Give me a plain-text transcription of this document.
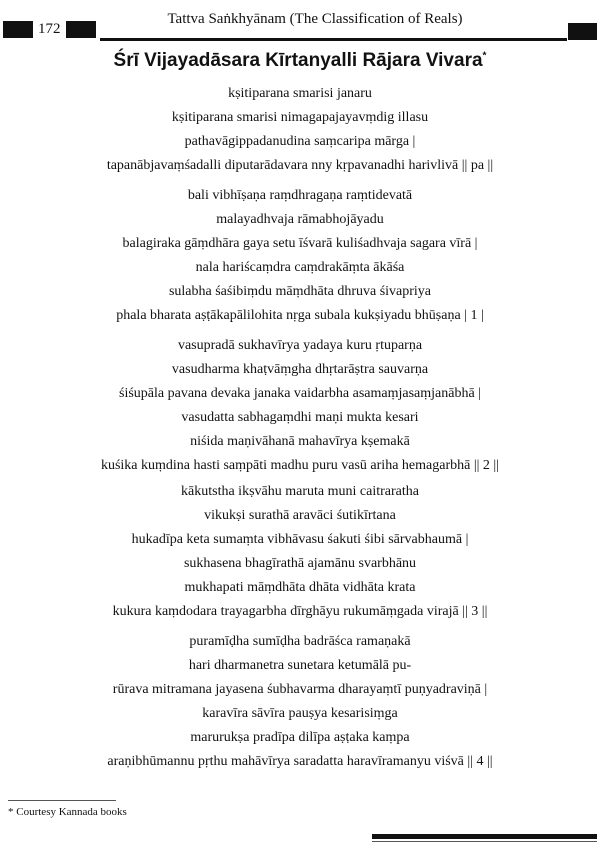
172
Tattva Saṅkhyānam (The Classification of Reals)
Śrī Vijayadāsara Kīrtanyalli Rājara Vivara*
kṣitiparana smarisi janaru
kṣitiparana smarisi nimagapajayavṃdig illasu
pathavāgippadanudina saṃcaripa mārga |
tapanābjavaṃśadalli diputarādavara nny kṛpavanadhi harivlivā || pa ||
bali vibhīṣaṇa raṃdhragaṇa raṃtidevatā
malayadhvaja rāmabhojāyadu
balagiraka gāṃdhāra gaya setu īśvarā kuliśadhvaja sagara vīrā |
nala hariścaṃdra caṃdrakāṃta ākāśa
sulabha śaśibiṃdu māṃdhāta dhruva śivapriya
phala bharata aṣṭākapālilohita nṛga subala kukṣiyadu bhūṣaṇa | 1 |
vasupradā sukhavīrya yadaya kuru ṛtuparṇa
vasudharma khaṭvāṃgha dhṛtarāṣtra sauvarṇa
śiśupāla pavana devaka janaka vaidarbha asamaṃjasaṃjanābhā |
vasudatta sabhagaṃdhi maṇi mukta kesari
niśida maṇivāhanā mahavīrya kṣemakā
kuśika kuṃdina hasti saṃpāti madhu puru vasū ariha hemagarbhā || 2 ||
kākutstha ikṣvāhu maruta muni caitraratha
vikukṣi surathā aravāci śutikīrtana
hukadīpa keta sumaṃta vibhāvasu śakuti śibi sārvabhaumā |
sukhasena bhagīrathā ajamānu svarbhānu
mukhapati māṃdhāta dhāta vidhāta krata
kukura kaṃdodara trayagarbha dīrghāyu rukumāṃgada virajā || 3 ||
puramīḍha sumīḍha badrāśca ramaṇakā
hari dharmanetra sunetara ketumālā pu-
rūrava mitramana jayasena śubhavarma dharayaṃtī puṇyadraviṇā |
karavīra sāvīra pauṣya kesarisiṃga
marurukṣa pradīpa dilīpa aṣṭaka kaṃpa
araṇibhūmannu pṛthu mahāvīrya saradatta haravīramanyu viśvā || 4 ||
* Courtesy Kannada books
